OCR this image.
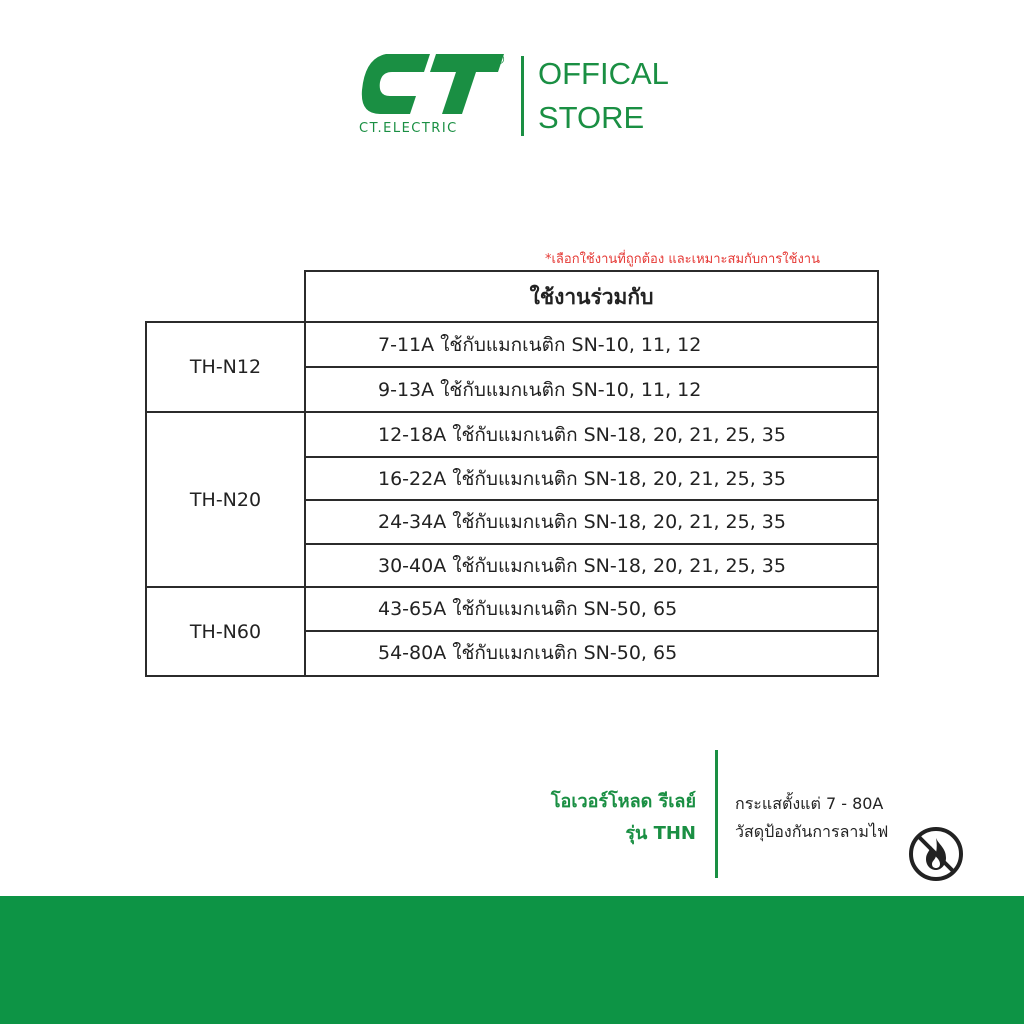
®
CT.ELECTRIC
OFFICAL
STORE
*เลือกใช้งานที่ถูกต้อง และเหมาะสมกับการใช้งาน
ใช้งานร่วมกับ
TH-N12
TH-N20
TH-N60
7-11A ใช้กับแมกเนติก SN-10, 11, 12
9-13A ใช้กับแมกเนติก SN-10, 11, 12
12-18A ใช้กับแมกเนติก SN-18, 20, 21, 25, 35
16-22A ใช้กับแมกเนติก SN-18, 20, 21, 25, 35
24-34A ใช้กับแมกเนติก SN-18, 20, 21, 25, 35
30-40A ใช้กับแมกเนติก SN-18, 20, 21, 25, 35
43-65A ใช้กับแมกเนติก SN-50, 65
54-80A ใช้กับแมกเนติก SN-50, 65
โอเวอร์โหลด รีเลย์
รุ่น THN
กระแสตั้งแต่ 7 - 80A
วัสดุป้องกันการลามไฟ
